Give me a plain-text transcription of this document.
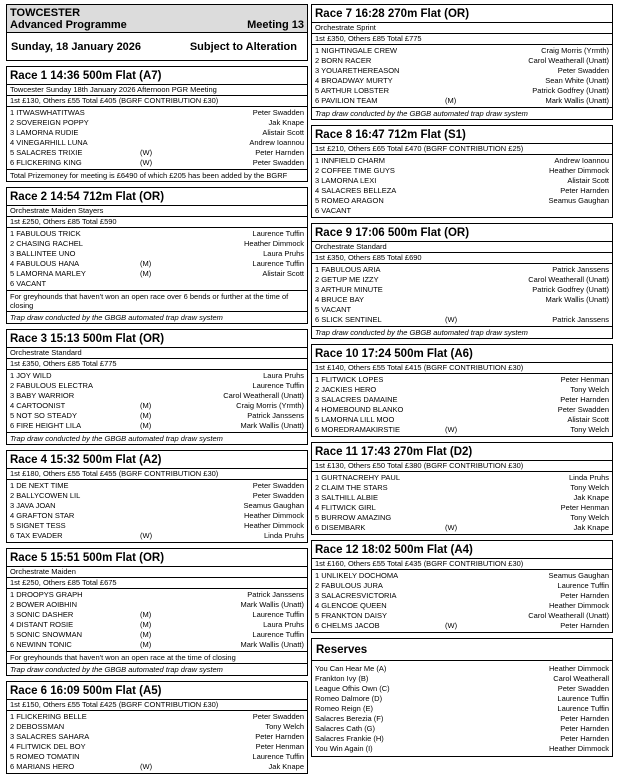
TOWCESTER
Advanced Programme	Meeting 13
Sunday, 18 January 2026	Subject to Alteration
Race 1 14:36 500m Flat (A7)
Towcester Sunday 18th January 2026 Afternoon PGR Meeting
1st £130, Others £55 Total £405 (BGRF CONTRIBUTION £30)
1 ITWASWHATITWAS	Peter Swadden
2 SOVEREIGN POPPY	Jak Knape
3 LAMORNA RUDIE	Alistair Scott
4 VINEGARHILL LUNA	Andrew Ioannou
5 SALACRES TRIXIE	(W)	Peter Harnden
6 FLICKERING KING	(W)	Peter Swadden
Total Prizemoney for meeting is £6490 of which £205 has been added by the BGRF
Race 2 14:54 712m Flat (OR)
Orchestrate Maiden Stayers
1st £250, Others £85 Total £590
1 FABULOUS TRICK	Laurence Tuffin
2 CHASING RACHEL	Heather Dimmock
3 BALLINTEE UNO	Laura Pruhs
4 FABULOUS HANA	(M)	Laurence Tuffin
5 LAMORNA MARLEY	(M)	Alistair Scott
6 VACANT
For greyhounds that haven't won an open race over 6 bends or further at the time of closing
Trap draw conducted by the GBGB automated trap draw system
Race 3 15:13 500m Flat (OR)
Orchestrate Standard
1st £350, Others £85 Total £775
1 JOY WILD	Laura Pruhs
2 FABULOUS ELECTRA	Laurence Tuffin
3 BABY WARRIOR	Carol Weatherall (Unatt)
4 CARTOONIST	(M)	Craig Morris (Yrmth)
5 NOT SO STEADY	(M)	Patrick Janssens
6 FIRE HEIGHT LILA	(M)	Mark Wallis (Unatt)
Trap draw conducted by the GBGB automated trap draw system
Race 4 15:32 500m Flat (A2)
1st £180, Others £55 Total £455 (BGRF CONTRIBUTION £30)
1 DE NEXT TIME	Peter Swadden
2 BALLYCOWEN LIL	Peter Swadden
3 JAVA JOAN	Seamus Gaughan
4 GRAFTON STAR	Heather Dimmock
5 SIGNET TESS	Heather Dimmock
6 TAX EVADER	(W)	Linda Pruhs
Race 5 15:51 500m Flat (OR)
Orchestrate Maiden
1st £250, Others £85 Total £675
1 DROOPYS GRAPH	Patrick Janssens
2 BOWER AOIBHIN	Mark Wallis (Unatt)
3 SONIC DASHER	(M)	Laurence Tuffin
4 DISTANT ROSIE	(M)	Laura Pruhs
5 SONIC SNOWMAN	(M)	Laurence Tuffin
6 NEWINN TONIC	(M)	Mark Wallis (Unatt)
For greyhounds that haven't won an open race at the time of closing
Trap draw conducted by the GBGB automated trap draw system
Race 6 16:09 500m Flat (A5)
1st £150, Others £55 Total £425 (BGRF CONTRIBUTION £30)
1 FLICKERING BELLE	Peter Swadden
2 DEBOSSMAN	Tony Welch
3 SALACRES SAHARA	Peter Harnden
4 FLITWICK DEL BOY	Peter Henman
5 ROMEO TOMATIN	Laurence Tuffin
6 MARIANS HERO	(W)	Jak Knape
Race 7 16:28 270m Flat (OR)
Orchestrate Sprint
1st £350, Others £85 Total £775
1 NIGHTINGALE CREW	Craig Morris (Yrmth)
2 BORN RACER	Carol Weatherall (Unatt)
3 YOUARETHEREASON	Peter Swadden
4 BROADWAY MURTY	Sean White (Unatt)
5 ARTHUR LOBSTER	Patrick Godfrey (Unatt)
6 PAVILION TEAM	(M)	Mark Wallis (Unatt)
Trap draw conducted by the GBGB automated trap draw system
Race 8 16:47 712m Flat (S1)
1st £210, Others £65 Total £470 (BGRF CONTRIBUTION £25)
1 INNFIELD CHARM	Andrew Ioannou
2 COFFEE TIME GUYS	Heather Dimmock
3 LAMORNA LEXI	Alistair Scott
4 SALACRES BELLEZA	Peter Harnden
5 ROMEO ARAGON	Seamus Gaughan
6 VACANT
Race 9 17:06 500m Flat (OR)
Orchestrate Standard
1st £350, Others £85 Total £690
1 FABULOUS ARIA	Patrick Janssens
2 GETUP ME IZZY	Carol Weatherall (Unatt)
3 ARTHUR MINUTE	Patrick Godfrey (Unatt)
4 BRUCE BAY	Mark Wallis (Unatt)
5 VACANT
6 SLICK SENTINEL	(W)	Patrick Janssens
Trap draw conducted by the GBGB automated trap draw system
Race 10 17:24 500m Flat (A6)
1st £140, Others £55 Total £415 (BGRF CONTRIBUTION £30)
1 FLITWICK LOPES	Peter Henman
2 JACKIES HERO	Tony Welch
3 SALACRES DAMAINE	Peter Harnden
4 HOMEBOUND BLANKO	Peter Swadden
5 LAMORNA LILL MOO	Alistair Scott
6 MOREDRAMAKIRSTIE	(W)	Tony Welch
Race 11 17:43 270m Flat (D2)
1st £130, Others £50 Total £380 (BGRF CONTRIBUTION £30)
1 GURTNACREHY PAUL	Linda Pruhs
2 CLAIM THE STARS	Tony Welch
3 SALTHILL ALBIE	Jak Knape
4 FLITWICK GIRL	Peter Henman
5 BURROW AMAZING	Tony Welch
6 DISEMBARK	(W)	Jak Knape
Race 12 18:02 500m Flat (A4)
1st £160, Others £55 Total £435 (BGRF CONTRIBUTION £30)
1 UNLIKELY DOCHOMA	Seamus Gaughan
2 FABULOUS JURA	Laurence Tuffin
3 SALACRESVICTORIA	Peter Harnden
4 GLENCOE QUEEN	Heather Dimmock
5 FRANKTON DAISY	Carol Weatherall (Unatt)
6 CHELMS JACOB	(W)	Peter Harnden
Reserves
You Can Hear Me (A)	Heather Dimmock
Frankton Ivy (B)	Carol Weatherall
League Ofhis Own (C)	Peter Swadden
Romeo Dalmore (D)	Laurence Tuffin
Romeo Reign (E)	Laurence Tuffin
Salacres Berezia (F)	Peter Harnden
Salacres Cath (G)	Peter Harnden
Salacres Frankie (H)	Peter Harnden
You Win Again (I)	Heather Dimmock
